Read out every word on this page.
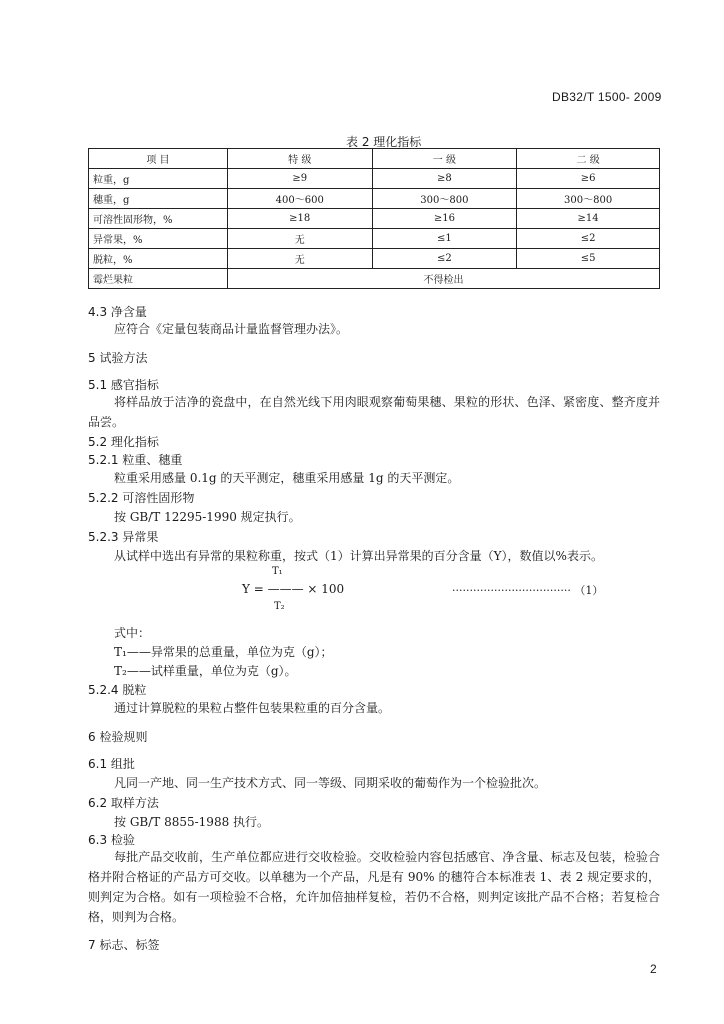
DB32/T 1500- 2009
表 2 理化指标
项 目	特 级	一 级	二 级
粒重，g	≥9	≥8	≥6
穗重，g	400～600	300～800	300～800
可溶性固形物，%	≥18	≥16	≥14
异常果，%	无	≤1	≤2
脱粒，%	无	≤2	≤5
霉烂果粒	不得检出		
4.3 净含量
应符合《定量包装商品计量监督管理办法》。
5 试验方法
5.1 感官指标
将样品放于洁净的瓷盘中，在自然光线下用肉眼观察葡萄果穗、果粒的形状、色泽、紧密度、整齐度并品尝。
5.2 理化指标
5.2.1 粒重、穗重
粒重采用感量 0.1g 的天平测定，穗重采用感量 1g 的天平测定。
5.2.2 可溶性固形物
按 GB/T 12295-1990 规定执行。
5.2.3 异常果
从试样中选出有异常的果粒称重，按式（1）计算出异常果的百分含量（Y），数值以%表示。
T₁
Y = ——— × 100
T₂
·································· （1）
式中：
T₁——异常果的总重量，单位为克（g）；
T₂——试样重量，单位为克（g）。
5.2.4 脱粒
通过计算脱粒的果粒占整件包装果粒重的百分含量。
6 检验规则
6.1 组批
凡同一产地、同一生产技术方式、同一等级、同期采收的葡萄作为一个检验批次。
6.2 取样方法
按 GB/T 8855-1988 执行。
6.3 检验
每批产品交收前，生产单位都应进行交收检验。交收检验内容包括感官、净含量、标志及包装，检验合格并附合格证的产品方可交收。以单穗为一个产品，凡是有 90% 的穗符合本标准表 1、表 2 规定要求的，则判定为合格。如有一项检验不合格，允许加倍抽样复检，若仍不合格，则判定该批产品不合格；若复检合格，则判为合格。
7 标志、标签
2
